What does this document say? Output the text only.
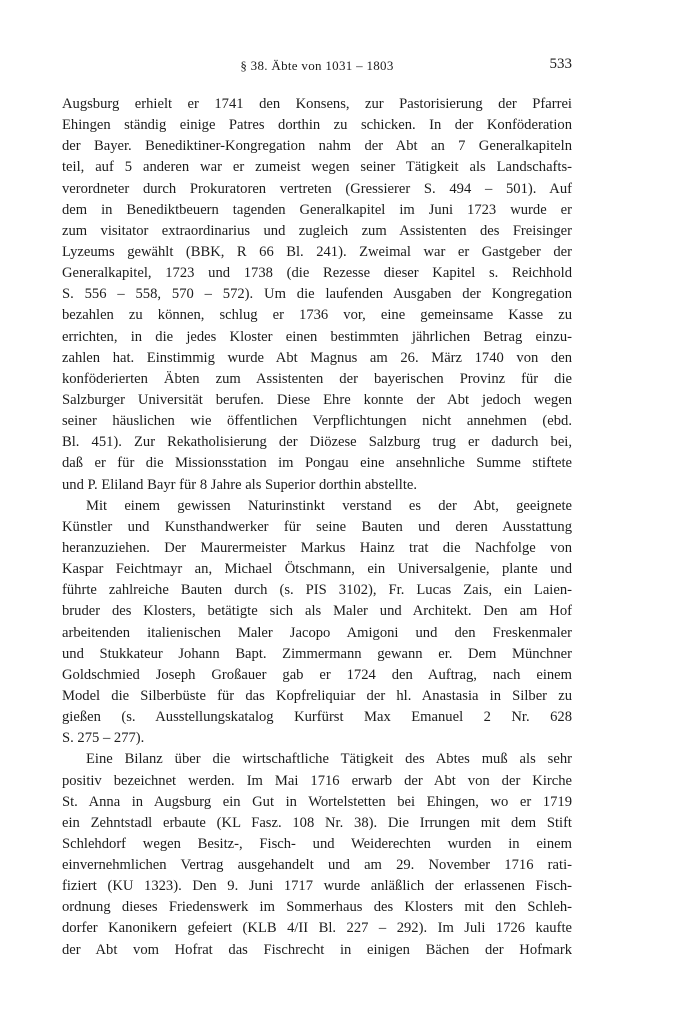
§ 38. Äbte von 1031 – 1803	533
Augsburg erhielt er 1741 den Konsens, zur Pastorisierung der Pfarrei
Ehingen ständig einige Patres dorthin zu schicken. In der Konföderation
der Bayer. Benediktiner-Kongregation nahm der Abt an 7 Generalkapiteln
teil, auf 5 anderen war er zumeist wegen seiner Tätigkeit als Landschafts-
verordneter durch Prokuratoren vertreten (Gressierer S. 494 – 501). Auf
dem in Benediktbeuern tagenden Generalkapitel im Juni 1723 wurde er
zum visitator extraordinarius und zugleich zum Assistenten des Freisinger
Lyzeums gewählt (BBK, R 66 Bl. 241). Zweimal war er Gastgeber der
Generalkapitel, 1723 und 1738 (die Rezesse dieser Kapitel s. Reichhold
S. 556 – 558, 570 – 572). Um die laufenden Ausgaben der Kongregation
bezahlen zu können, schlug er 1736 vor, eine gemeinsame Kasse zu
errichten, in die jedes Kloster einen bestimmten jährlichen Betrag einzu-
zahlen hat. Einstimmig wurde Abt Magnus am 26. März 1740 von den
konföderierten Äbten zum Assistenten der bayerischen Provinz für die
Salzburger Universität berufen. Diese Ehre konnte der Abt jedoch wegen
seiner häuslichen wie öffentlichen Verpflichtungen nicht annehmen (ebd.
Bl. 451). Zur Rekatholisierung der Diözese Salzburg trug er dadurch bei,
daß er für die Missionsstation im Pongau eine ansehnliche Summe stiftete
und P. Eliland Bayr für 8 Jahre als Superior dorthin abstellte.
Mit einem gewissen Naturinstinkt verstand es der Abt, geeignete
Künstler und Kunsthandwerker für seine Bauten und deren Ausstattung
heranzuziehen. Der Maurermeister Markus Hainz trat die Nachfolge von
Kaspar Feichtmayr an, Michael Ötschmann, ein Universalgenie, plante und
führte zahlreiche Bauten durch (s. PIS 3102), Fr. Lucas Zais, ein Laien-
bruder des Klosters, betätigte sich als Maler und Architekt. Den am Hof
arbeitenden italienischen Maler Jacopo Amigoni und den Freskenmaler
und Stukkateur Johann Bapt. Zimmermann gewann er. Dem Münchner
Goldschmied Joseph Großauer gab er 1724 den Auftrag, nach einem
Model die Silberbüste für das Kopfreliquiar der hl. Anastasia in Silber zu
gießen (s. Ausstellungskatalog Kurfürst Max Emanuel 2 Nr. 628
S. 275 – 277).
Eine Bilanz über die wirtschaftliche Tätigkeit des Abtes muß als sehr
positiv bezeichnet werden. Im Mai 1716 erwarb der Abt von der Kirche
St. Anna in Augsburg ein Gut in Wortelstetten bei Ehingen, wo er 1719
ein Zehntstadl erbaute (KL Fasz. 108 Nr. 38). Die Irrungen mit dem Stift
Schlehdorf wegen Besitz-, Fisch- und Weiderechten wurden in einem
einvernehmlichen Vertrag ausgehandelt und am 29. November 1716 rati-
fiziert (KU 1323). Den 9. Juni 1717 wurde anläßlich der erlassenen Fisch-
ordnung dieses Friedenswerk im Sommerhaus des Klosters mit den Schleh-
dorfer Kanonikern gefeiert (KLB 4/II Bl. 227 – 292). Im Juli 1726 kaufte
der Abt vom Hofrat das Fischrecht in einigen Bächen der Hofmark
